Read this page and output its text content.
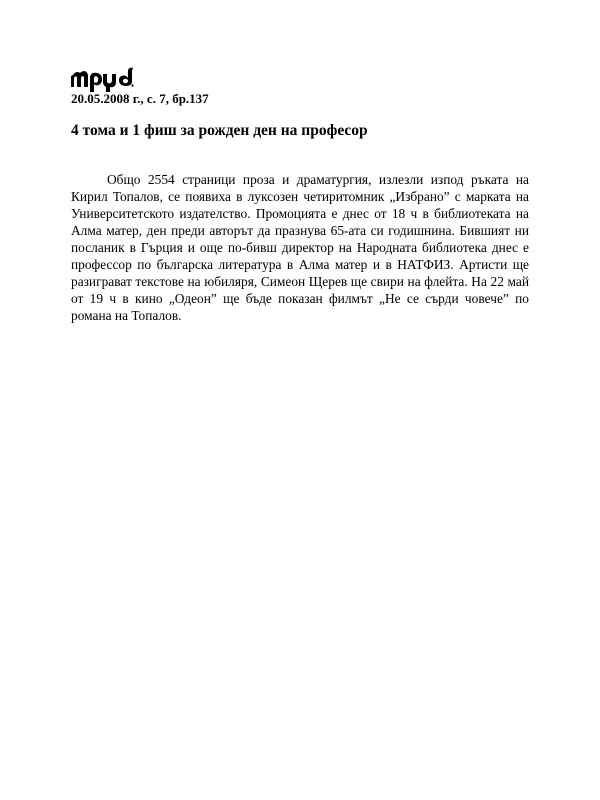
20.05.2008 г., с. 7, бр.137
4 тома и 1 фиш за рожден ден на професор

Общо 2554 страници проза и драматургия, излезли изпод ръката на Кирил Топалов, се появиха в луксозен четиритомник „Избрано” с марката на Университетското издателство. Промоцията е днес от 18 ч в библиотеката на Алма матер, ден преди авторът да празнува 65-ата си годишнина. Бившият ни посланик в Гърция и още по-бивш директор на Народната библиотека днес е профессор по българска литература в Алма матер и в НАТФИЗ. Артисти ще разиграват текстове на юбиляря, Симеон Щерев ще свири на флейта. На 22 май от 19 ч в кино „Одеон” ще бъде показан филмът „Не се сърди човече” по романа на Топалов.
